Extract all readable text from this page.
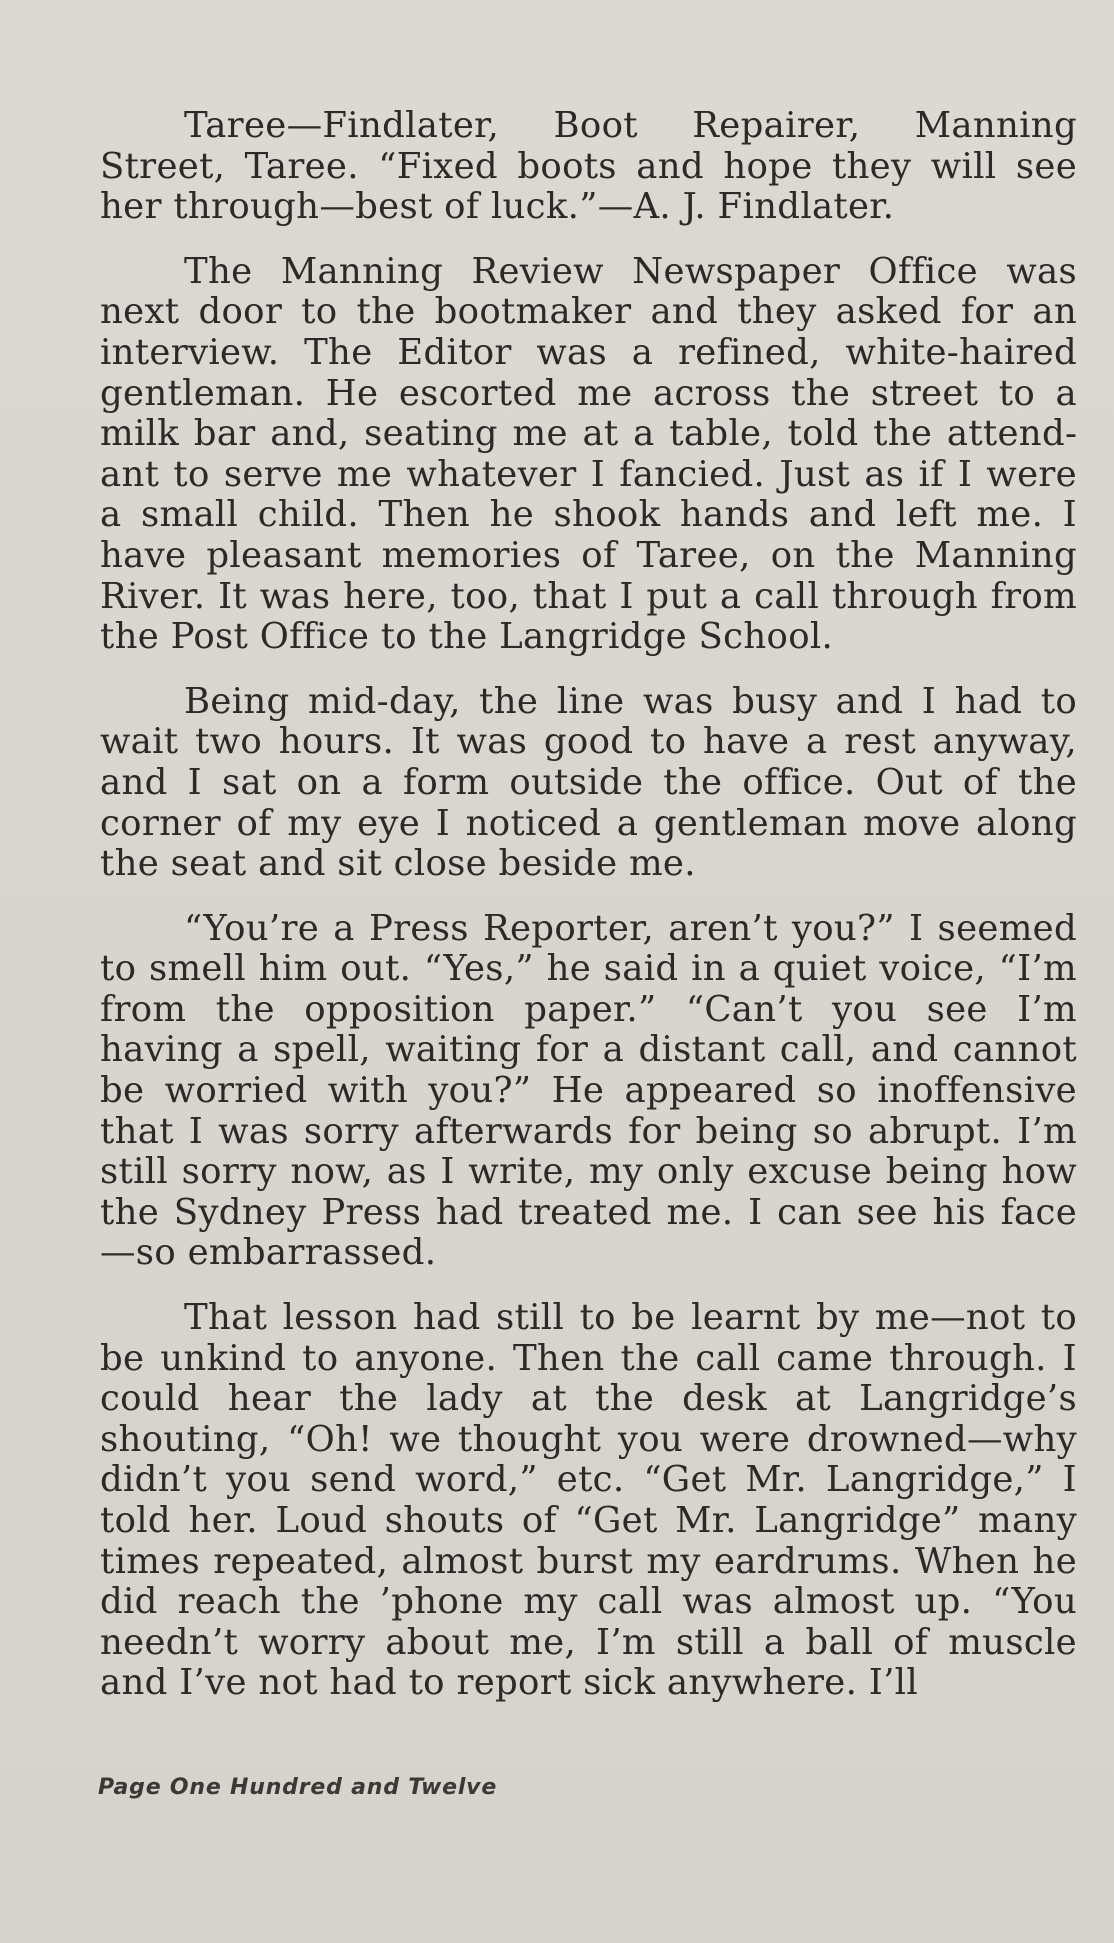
Taree—Findlater, Boot Repairer, Manning Street, Taree. “Fixed boots and hope they will see her through—best of luck.”—A. J. Findlater.

The Manning Review Newspaper Office was next door to the bootmaker and they asked for an interview. The Editor was a refined, white-haired gentleman. He escorted me across the street to a milk bar and, seating me at a table, told the attendant to serve me whatever I fancied. Just as if I were a small child. Then he shook hands and left me. I have pleasant memories of Taree, on the Manning River. It was here, too, that I put a call through from the Post Office to the Langridge School.

Being mid-day, the line was busy and I had to wait two hours. It was good to have a rest anyway, and I sat on a form outside the office. Out of the corner of my eye I noticed a gentleman move along the seat and sit close beside me.

“You’re a Press Reporter, aren’t you?” I seemed to smell him out. “Yes,” he said in a quiet voice, “I’m from the opposition paper.” “Can’t you see I’m having a spell, waiting for a distant call, and cannot be worried with you?” He appeared so inoffensive that I was sorry afterwards for being so abrupt. I’m still sorry now, as I write, my only excuse being how the Sydney Press had treated me. I can see his face—so embarrassed.

That lesson had still to be learnt by me—not to be unkind to anyone. Then the call came through. I could hear the lady at the desk at Langridge’s shouting, “Oh! we thought you were drowned—why didn’t you send word,” etc. “Get Mr. Langridge,” I told her. Loud shouts of “Get Mr. Langridge” many times repeated, almost burst my eardrums. When he did reach the ’phone my call was almost up. “You needn’t worry about me, I’m still a ball of muscle and I’ve not had to report sick anywhere. I’ll

Page One Hundred and Twelve
